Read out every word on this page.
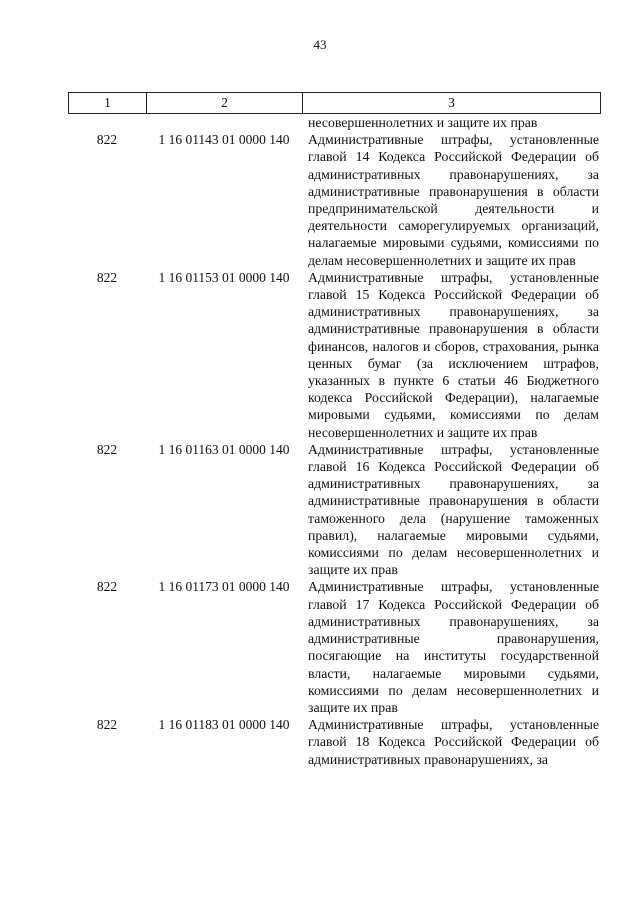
43
1	2	3
несовершеннолетних и защите их прав
822	1 16 01143 01 0000 140	Административные штрафы, установленные главой 14 Кодекса Российской Федерации об административных правонарушениях, за административные правонарушения в области предпринимательской деятельности и деятельности саморегулируемых организаций, налагаемые мировыми судьями, комиссиями по делам несовершеннолетних и защите их прав
822	1 16 01153 01 0000 140	Административные штрафы, установленные главой 15 Кодекса Российской Федерации об административных правонарушениях, за административные правонарушения в области финансов, налогов и сборов, страхования, рынка ценных бумаг (за исключением штрафов, указанных в пункте 6 статьи 46 Бюджетного кодекса Российской Федерации), налагаемые мировыми судьями, комиссиями по делам несовершеннолетних и защите их прав
822	1 16 01163 01 0000 140	Административные штрафы, установленные главой 16 Кодекса Российской Федерации об административных правонарушениях, за административные правонарушения в области таможенного дела (нарушение таможенных правил), налагаемые мировыми судьями, комиссиями по делам несовершеннолетних и защите их прав
822	1 16 01173 01 0000 140	Административные штрафы, установленные главой 17 Кодекса Российской Федерации об административных правонарушениях, за административные правонарушения, посягающие на институты государственной власти, налагаемые мировыми судьями, комиссиями по делам несовершеннолетних и защите их прав
822	1 16 01183 01 0000 140	Административные штрафы, установленные главой 18 Кодекса Российской Федерации об административных правонарушениях, за
